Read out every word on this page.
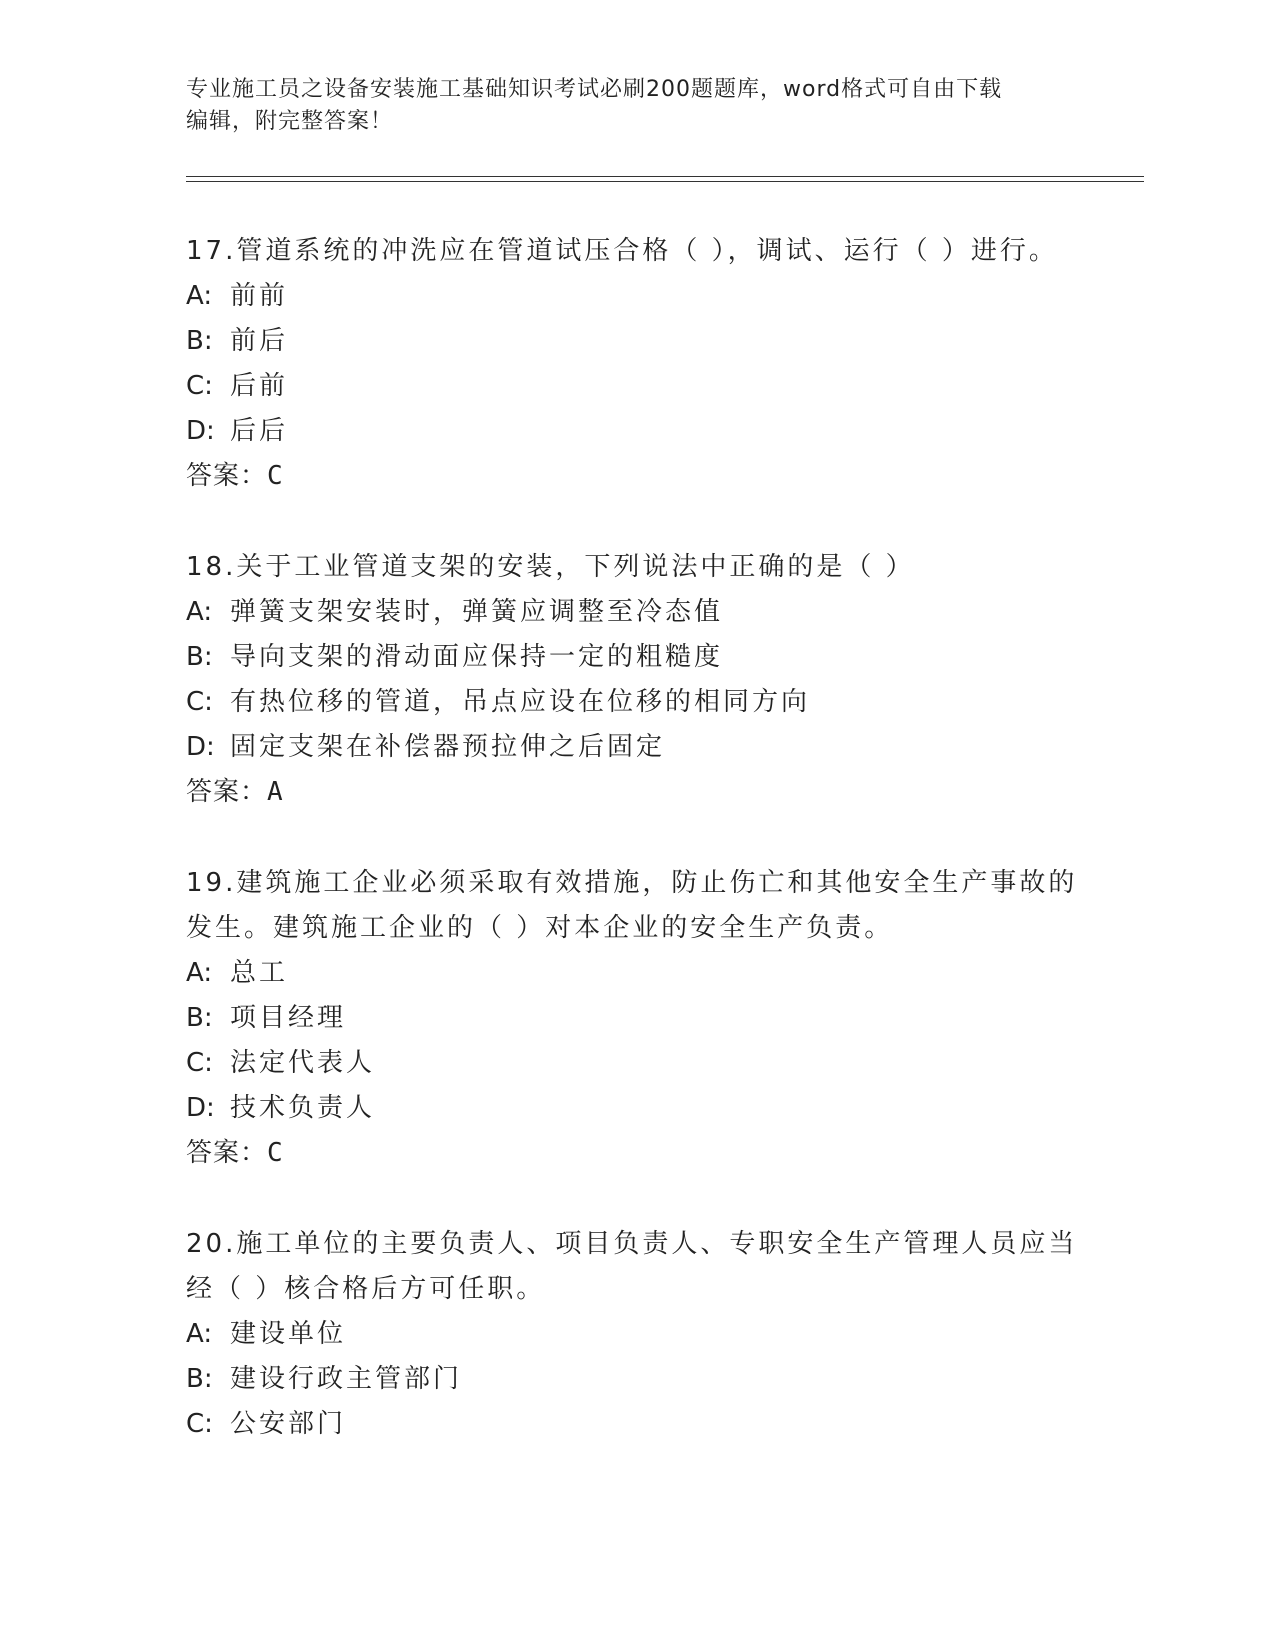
专业施工员之设备安装施工基础知识考试必刷200题题库，word格式可自由下载
编辑，附完整答案！

17.管道系统的冲洗应在管道试压合格（ ），调试、运行（ ）进行。

A: 前前

B: 前后

C: 后前

D: 后后

答案：C

18.关于工业管道支架的安装，下列说法中正确的是（ ）

A: 弹簧支架安装时，弹簧应调整至冷态值

B: 导向支架的滑动面应保持一定的粗糙度

C: 有热位移的管道，吊点应设在位移的相同方向

D: 固定支架在补偿器预拉伸之后固定

答案：A

19.建筑施工企业必须采取有效措施，防止伤亡和其他安全生产事故的发生。建筑施工企业的（ ）对本企业的安全生产负责。

A: 总工

B: 项目经理

C: 法定代表人

D: 技术负责人

答案：C

20.施工单位的主要负责人、项目负责人、专职安全生产管理人员应当经（ ）核合格后方可任职。

A: 建设单位

B: 建设行政主管部门

C: 公安部门
